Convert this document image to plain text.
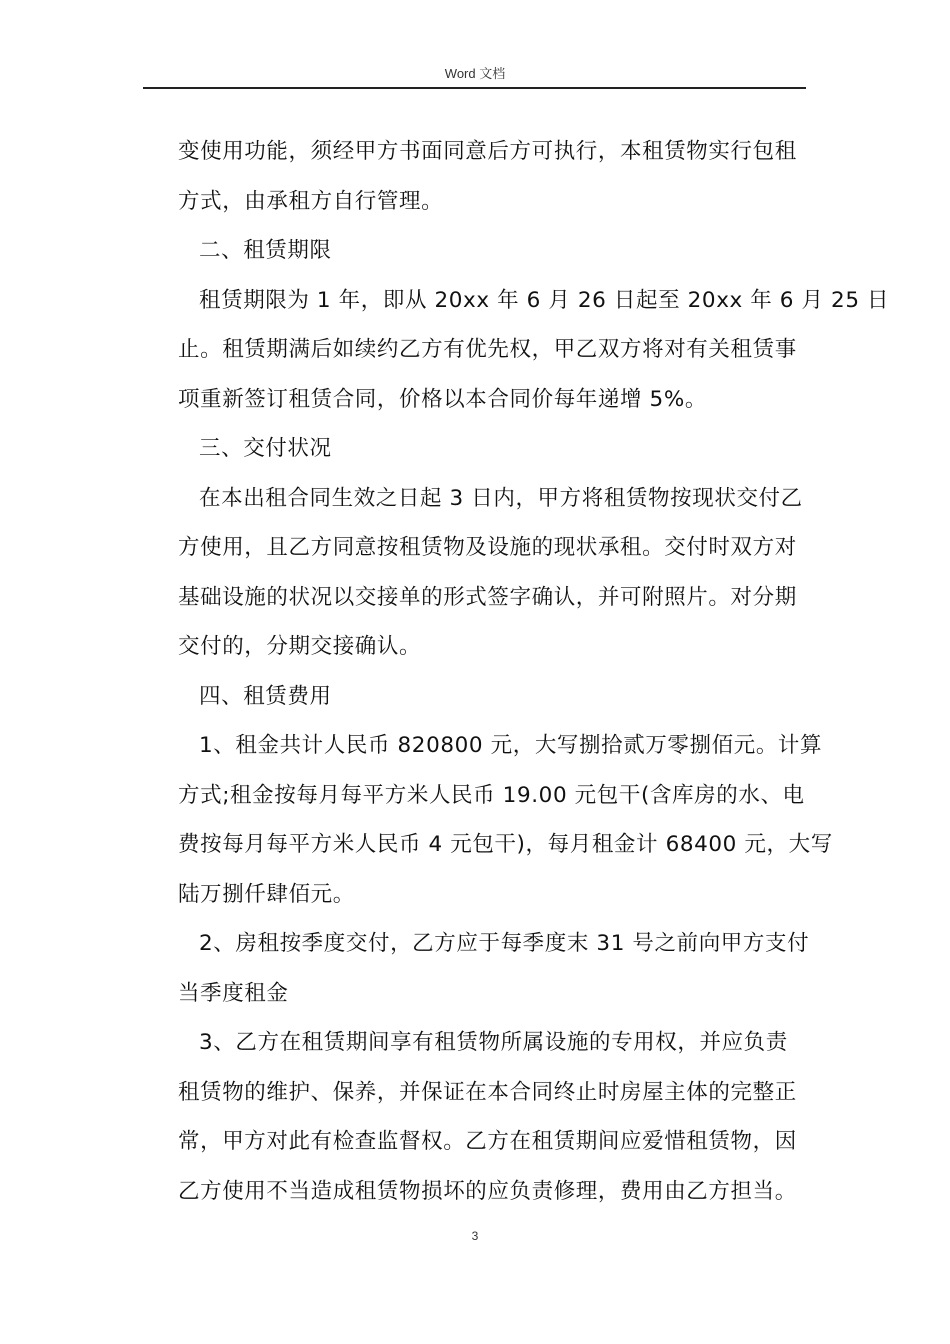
Word 文档

变使用功能，须经甲方书面同意后方可执行，本租赁物实行包租

方式，由承租方自行管理。

二、租赁期限

租赁期限为 1 年，即从 20xx 年 6 月 26 日起至 20xx 年 6 月 25 日

止。租赁期满后如续约乙方有优先权，甲乙双方将对有关租赁事

项重新签订租赁合同，价格以本合同价每年递增 5%。

三、交付状况

在本出租合同生效之日起 3 日内，甲方将租赁物按现状交付乙

方使用，且乙方同意按租赁物及设施的现状承租。交付时双方对

基础设施的状况以交接单的形式签字确认，并可附照片。对分期

交付的，分期交接确认。

四、租赁费用

1、租金共计人民币 820800 元，大写捌拾贰万零捌佰元。计算

方式;租金按每月每平方米人民币 19.00 元包干(含库房的水、电

费按每月每平方米人民币 4 元包干)，每月租金计 68400 元，大写

陆万捌仟肆佰元。

2、房租按季度交付，乙方应于每季度末 31 号之前向甲方支付

当季度租金

3、乙方在租赁期间享有租赁物所属设施的专用权，并应负责

租赁物的维护、保养，并保证在本合同终止时房屋主体的完整正

常，甲方对此有检查监督权。乙方在租赁期间应爱惜租赁物，因

乙方使用不当造成租赁物损坏的应负责修理，费用由乙方担当。

3
